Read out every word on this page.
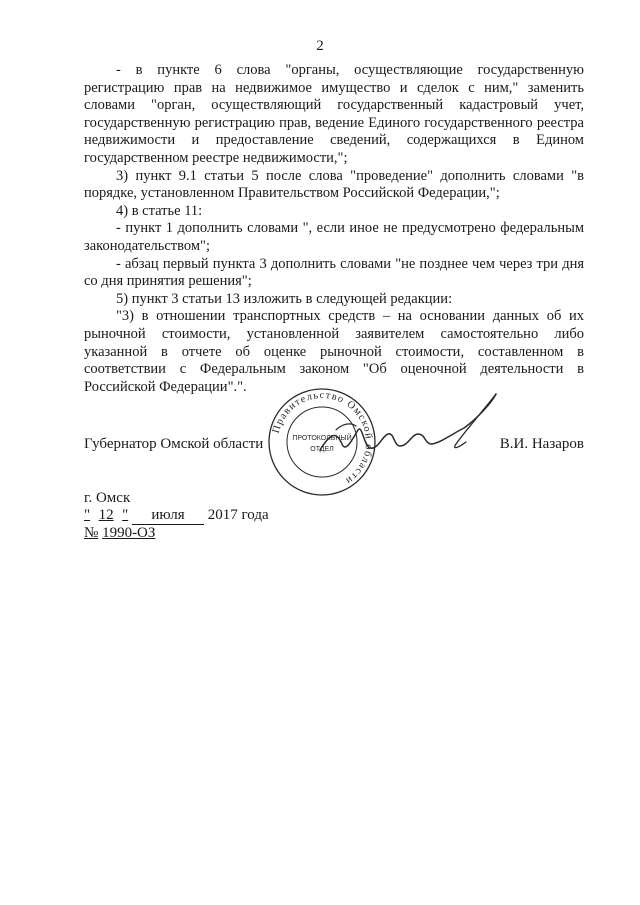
2

- в пункте 6 слова "органы, осуществляющие государственную регистрацию прав на недвижимое имущество и сделок с ним," заменить словами "орган, осуществляющий государственный кадастровый учет, государственную регистрацию прав, ведение Единого государственного реестра недвижимости и предоставление сведений, содержащихся в Едином государственном реестре недвижимости,";

3) пункт 9.1 статьи 5 после слова "проведение" дополнить словами "в порядке, установленном Правительством Российской Федерации,";

4) в статье 11:

- пункт 1 дополнить словами ", если иное не предусмотрено федеральным законодательством";

- абзац первый пункта 3 дополнить словами "не позднее чем через три дня со дня принятия решения";

5) пункт 3 статьи 13 изложить в следующей редакции:

"3) в отношении транспортных средств – на основании данных об их рыночной стоимости, установленной заявителем самостоятельно либо указанной в отчете об оценке рыночной стоимости, составленном в соответствии с Федеральным законом "Об оценочной деятельности в Российской Федерации".".

Губернатор Омской области	В.И. Назаров
Правительство Омской области
ПРОТОКОЛЬНЫЙ
ОТДЕЛ
г. Омск
" 12 " июля 2017 года
№ 1990-ОЗ
